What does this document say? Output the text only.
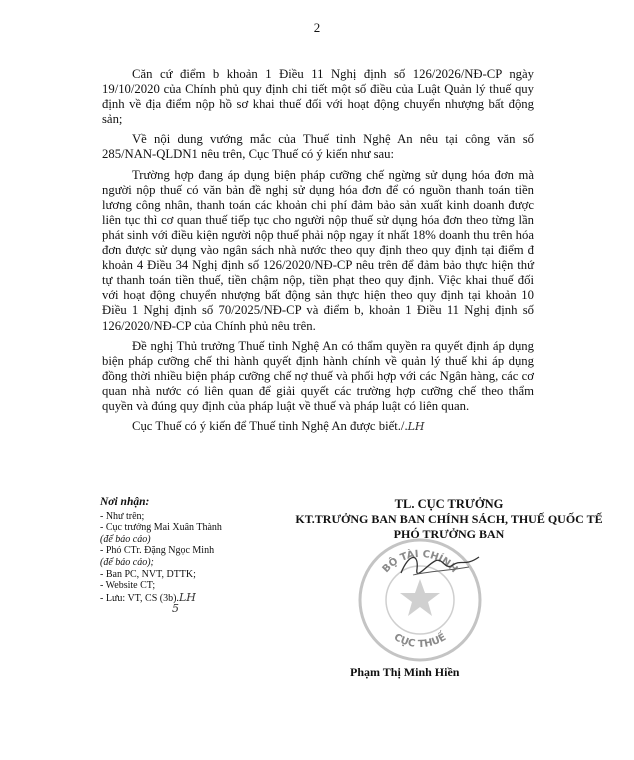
2

Căn cứ điểm b khoản 1 Điều 11 Nghị định số 126/2026/NĐ-CP ngày 19/10/2020 của Chính phủ quy định chi tiết một số điều của Luật Quản lý thuế quy định về địa điểm nộp hồ sơ khai thuế đối với hoạt động chuyển nhượng bất động sản;

Về nội dung vướng mắc của Thuế tỉnh Nghệ An nêu tại công văn số 285/NAN-QLDN1 nêu trên, Cục Thuế có ý kiến như sau:

Trường hợp đang áp dụng biện pháp cưỡng chế ngừng sử dụng hóa đơn mà người nộp thuế có văn bản đề nghị sử dụng hóa đơn để có nguồn thanh toán tiền lương công nhân, thanh toán các khoản chi phí đảm bảo sản xuất kinh doanh được liên tục thì cơ quan thuế tiếp tục cho người nộp thuế sử dụng hóa đơn theo từng lần phát sinh với điều kiện người nộp thuế phải nộp ngay ít nhất 18% doanh thu trên hóa đơn được sử dụng vào ngân sách nhà nước theo quy định theo quy định tại điểm đ khoản 4 Điều 34 Nghị định số 126/2020/NĐ-CP nêu trên để đảm bảo thực hiện thứ tự thanh toán tiền thuế, tiền chậm nộp, tiền phạt theo quy định. Việc khai thuế đối với hoạt động chuyển nhượng bất động sản thực hiện theo quy định tại khoản 10 Điều 1 Nghị định số 70/2025/NĐ-CP và điểm b, khoản 1 Điều 11 Nghị định số 126/2020/NĐ-CP của Chính phủ nêu trên.

Đề nghị Thủ trưởng Thuế tỉnh Nghệ An có thẩm quyền ra quyết định áp dụng biện pháp cưỡng chế thi hành quyết định hành chính về quản lý thuế khi áp dụng đồng thời nhiều biện pháp cưỡng chế nợ thuế và phối hợp với các Ngân hàng, các cơ quan nhà nước có liên quan để giải quyết các trường hợp cưỡng chế theo thẩm quyền và đúng quy định của pháp luật về thuế và pháp luật có liên quan.

Cục Thuế có ý kiến để Thuế tỉnh Nghệ An được biết./.LH

Nơi nhận:
- Như trên;
- Cục trưởng Mai Xuân Thành
(để báo cáo)
- Phó CTr. Đặng Ngọc Minh
(để báo cáo);
- Ban PC, NVT, DTTK;
- Website CT;
- Lưu: VT, CS (3b).LH
5
BỘ TÀI CHÍNH
CỤC THUẾ
TL. CỤC TRƯỞNG
KT.TRƯỞNG BAN BAN CHÍNH SÁCH, THUẾ QUỐC TẾ
PHÓ TRƯỞNG BAN
Phạm Thị Minh Hiền
